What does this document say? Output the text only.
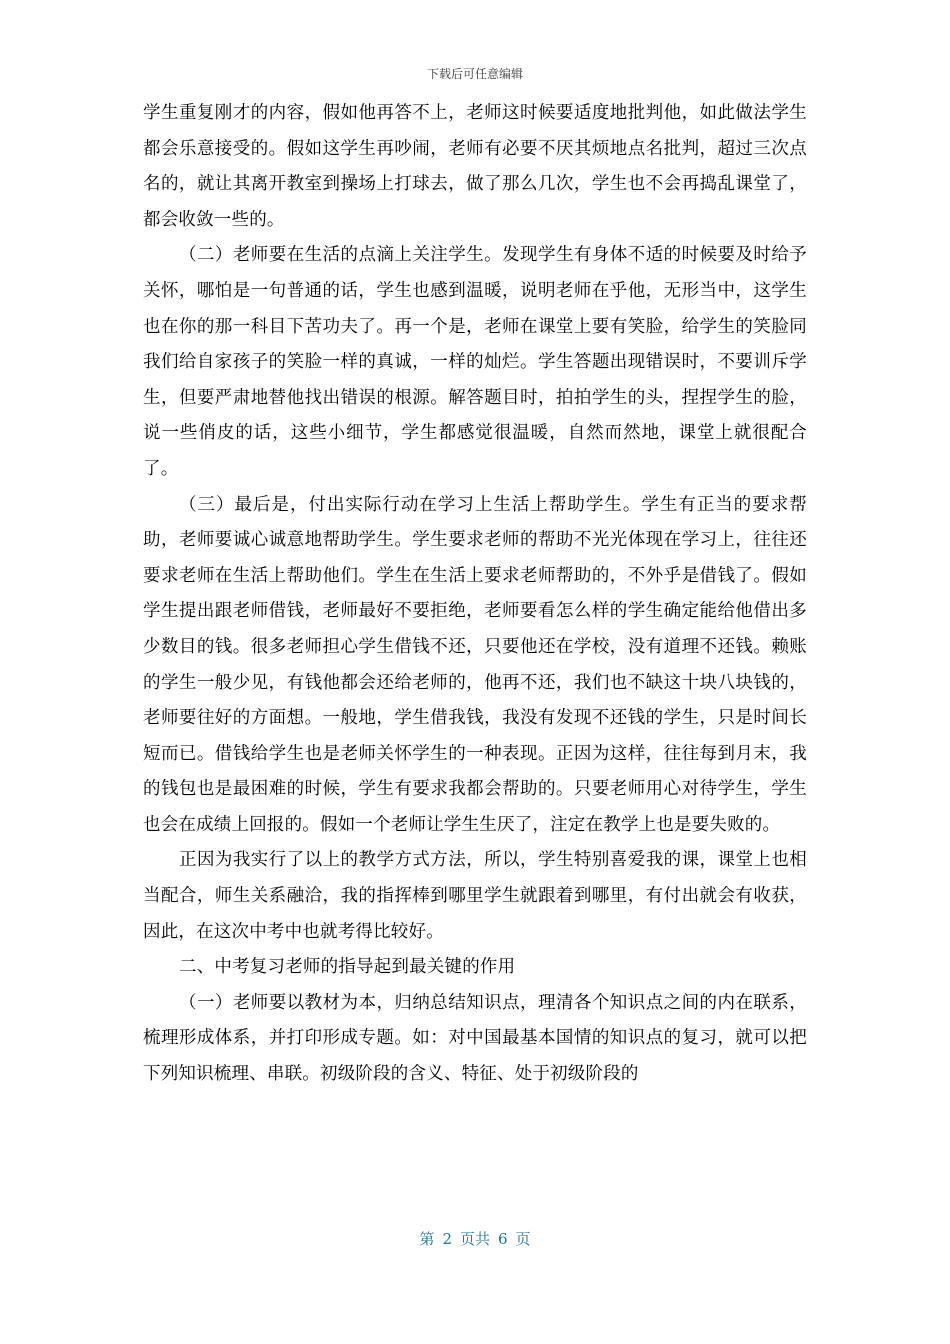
下载后可任意编辑

学生重复刚才的内容，假如他再答不上，老师这时候要适度地批判他，如此做法学生都会乐意接受的。假如这学生再吵闹，老师有必要不厌其烦地点名批判，超过三次点名的，就让其离开教室到操场上打球去，做了那么几次，学生也不会再捣乱课堂了，都会收敛一些的。

（二）老师要在生活的点滴上关注学生。发现学生有身体不适的时候要及时给予关怀，哪怕是一句普通的话，学生也感到温暖，说明老师在乎他，无形当中，这学生也在你的那一科目下苦功夫了。再一个是，老师在课堂上要有笑脸，给学生的笑脸同我们给自家孩子的笑脸一样的真诚，一样的灿烂。学生答题出现错误时，不要训斥学生，但要严肃地替他找出错误的根源。解答题目时，拍拍学生的头，捏捏学生的脸，说一些俏皮的话，这些小细节，学生都感觉很温暖，自然而然地，课堂上就很配合了。

（三）最后是，付出实际行动在学习上生活上帮助学生。学生有正当的要求帮助，老师要诚心诚意地帮助学生。学生要求老师的帮助不光光体现在学习上，往往还要求老师在生活上帮助他们。学生在生活上要求老师帮助的，不外乎是借钱了。假如学生提出跟老师借钱，老师最好不要拒绝，老师要看怎么样的学生确定能给他借出多少数目的钱。很多老师担心学生借钱不还，只要他还在学校，没有道理不还钱。赖账的学生一般少见，有钱他都会还给老师的，他再不还，我们也不缺这十块八块钱的，老师要往好的方面想。一般地，学生借我钱，我没有发现不还钱的学生，只是时间长短而已。借钱给学生也是老师关怀学生的一种表现。正因为这样，往往每到月末，我的钱包也是最困难的时候，学生有要求我都会帮助的。只要老师用心对待学生，学生也会在成绩上回报的。假如一个老师让学生生厌了，注定在教学上也是要失败的。

正因为我实行了以上的教学方式方法，所以，学生特别喜爱我的课，课堂上也相当配合，师生关系融洽，我的指挥棒到哪里学生就跟着到哪里，有付出就会有收获，因此，在这次中考中也就考得比较好。

二、中考复习老师的指导起到最关键的作用

（一）老师要以教材为本，归纳总结知识点，理清各个知识点之间的内在联系，梳理形成体系，并打印形成专题。如：对中国最基本国情的知识点的复习，就可以把下列知识梳理、串联。初级阶段的含义、特征、处于初级阶段的

第 2 页共 6 页
